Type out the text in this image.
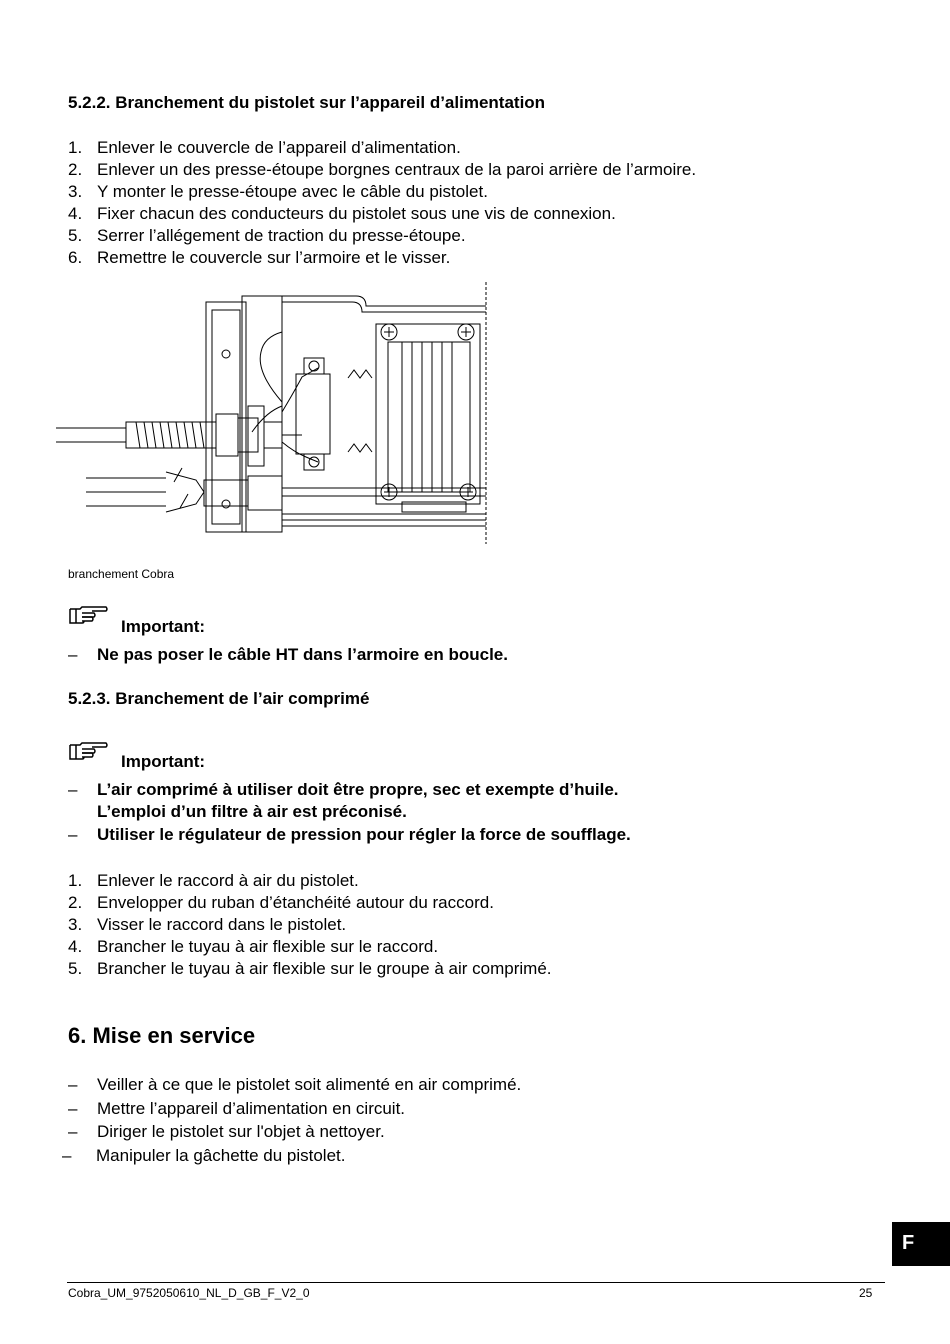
5.2.2. Branchement du pistolet sur l’appareil d’alimentation
1. Enlever le couvercle de l’appareil d’alimentation.
2. Enlever un des presse-étoupe borgnes centraux de la paroi arrière de l’armoire.
3. Y monter le presse-étoupe avec le câble du pistolet.
4. Fixer chacun des conducteurs du pistolet sous une vis de connexion.
5. Serrer l’allégement de traction du presse-étoupe.
6. Remettre le couvercle sur l’armoire et le visser.
branchement Cobra
Important:
– Ne pas poser le câble HT dans l’armoire en boucle.
5.2.3. Branchement de l’air comprimé
Important:
– L’air comprimé à utiliser doit être propre, sec et exempte d’huile.
L’emploi d’un filtre à air est préconisé.
– Utiliser le régulateur de pression pour régler la force de soufflage.
1. Enlever le raccord à air du pistolet.
2. Envelopper du ruban d’étanchéité autour du raccord.
3. Visser le raccord dans le pistolet.
4. Brancher le tuyau à air flexible sur le raccord.
5. Brancher le tuyau à air flexible sur le groupe à air comprimé.
6. Mise en service
– Veiller à ce que le pistolet soit alimenté en air comprimé.
– Mettre l’appareil d’alimentation en circuit.
– Diriger le pistolet sur l'objet à nettoyer.
– Manipuler la gâchette du pistolet.
F
Cobra_UM_9752050610_NL_D_GB_F_V2_0	25
